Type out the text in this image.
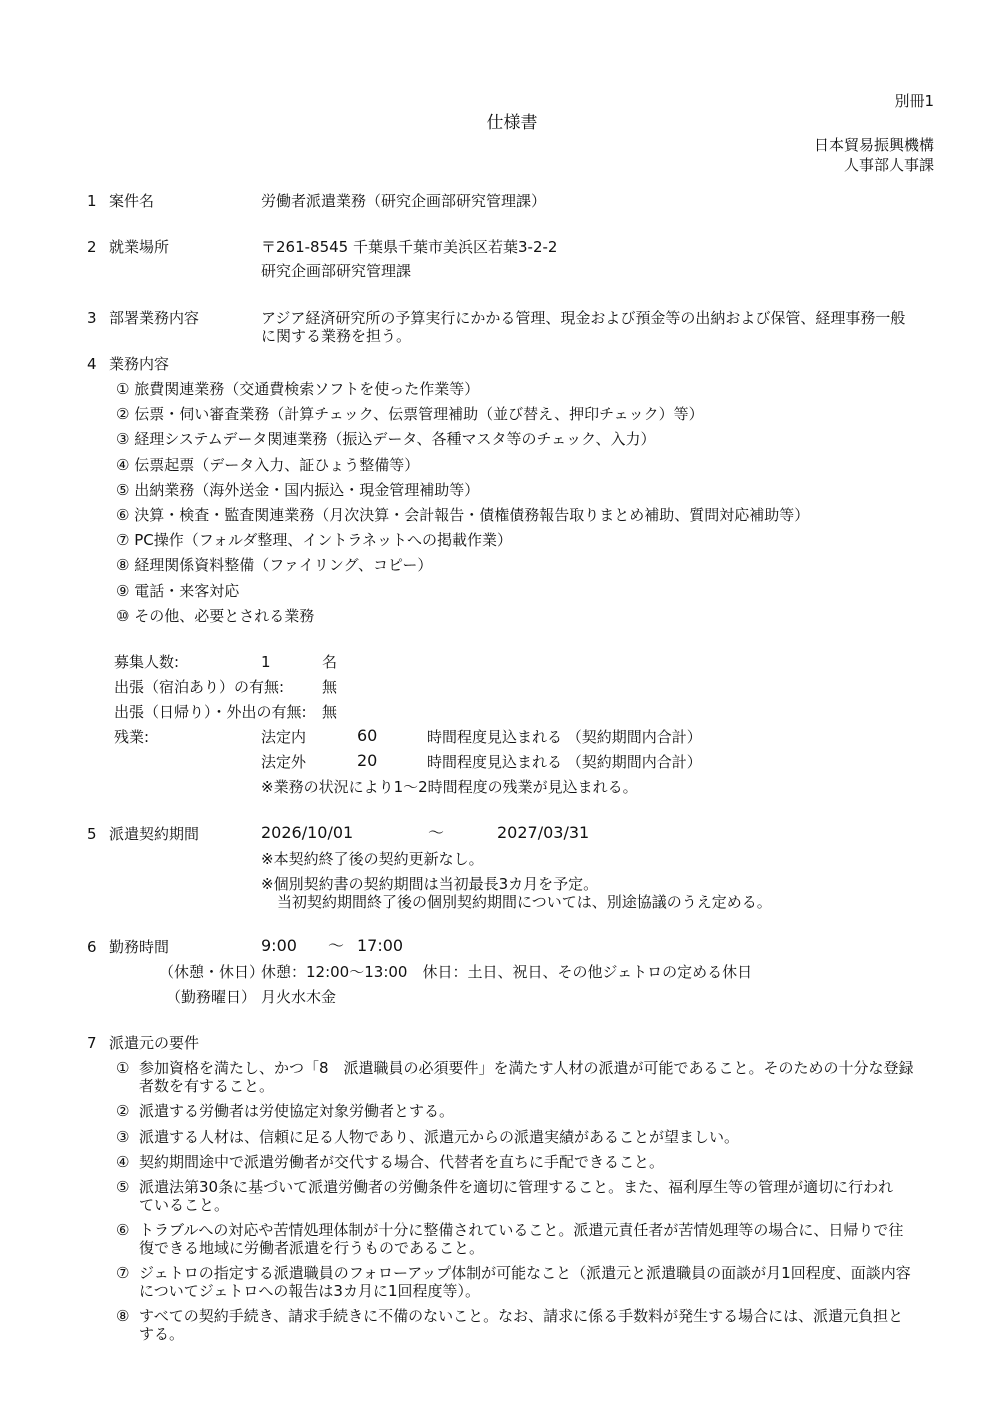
別冊1
仕様書
日本貿易振興機構
人事部人事課
1 案件名	労働者派遣業務（研究企画部研究管理課）
2 就業場所	〒261-8545 千葉県千葉市美浜区若葉3-2-2
研究企画部研究管理課
3 部署業務内容	アジア経済研究所の予算実行にかかる管理、現金および預金等の出納および保管、経理事務一般
に関する業務を担う。
4 業務内容
① 旅費関連業務（交通費検索ソフトを使った作業等）
② 伝票・伺い審査業務（計算チェック、伝票管理補助（並び替え、押印チェック）等）
③ 経理システムデータ関連業務（振込データ、各種マスタ等のチェック、入力）
④ 伝票起票（データ入力、証ひょう整備等）
⑤ 出納業務（海外送金・国内振込・現金管理補助等）
⑥ 決算・検査・監査関連業務（月次決算・会計報告・債権債務報告取りまとめ補助、質問対応補助等）
⑦ PC操作（フォルダ整理、イントラネットへの掲載作業）
⑧ 経理関係資料整備（ファイリング、コピー）
⑨ 電話・来客対応
⑩ その他、必要とされる業務
募集人数:	1	名
出張（宿泊あり）の有無:	無
出張（日帰り）・外出の有無: 無
残業:	法定内	60	時間程度見込まれる （契約期間内合計）
法定外	20	時間程度見込まれる （契約期間内合計）
※業務の状況により1～2時間程度の残業が見込まれる。
5 派遣契約期間	2026/10/01	～	2027/03/31
※本契約終了後の契約更新なし。
※個別契約書の契約期間は当初最長3カ月を予定。
当初契約期間終了後の個別契約期間については、別途協議のうえ定める。
6 勤務時間	9:00 ～ 17:00
（休憩・休日）
休憩：12:00～13:00　休日：土日、祝日、その他ジェトロの定める休日
（勤務曜日） 月火水木金
7 派遣元の要件
① 参加資格を満たし、かつ「8　派遣職員の必須要件」を満たす人材の派遣が可能であること。そのための十分な登録
者数を有すること。
② 派遣する労働者は労使協定対象労働者とする。
③ 派遣する人材は、信頼に足る人物であり、派遣元からの派遣実績があることが望ましい。
④ 契約期間途中で派遣労働者が交代する場合、代替者を直ちに手配できること。
⑤ 派遣法第30条に基づいて派遣労働者の労働条件を適切に管理すること。また、福利厚生等の管理が適切に行われ
ていること。
⑥ トラブルへの対応や苦情処理体制が十分に整備されていること。派遣元責任者が苦情処理等の場合に、日帰りで往
復できる地域に労働者派遣を行うものであること。
⑦ ジェトロの指定する派遣職員のフォローアップ体制が可能なこと（派遣元と派遣職員の面談が月1回程度、面談内容
についてジェトロへの報告は3カ月に1回程度等）。
⑧ すべての契約手続き、請求手続きに不備のないこと。なお、請求に係る手数料が発生する場合には、派遣元負担と
する。
